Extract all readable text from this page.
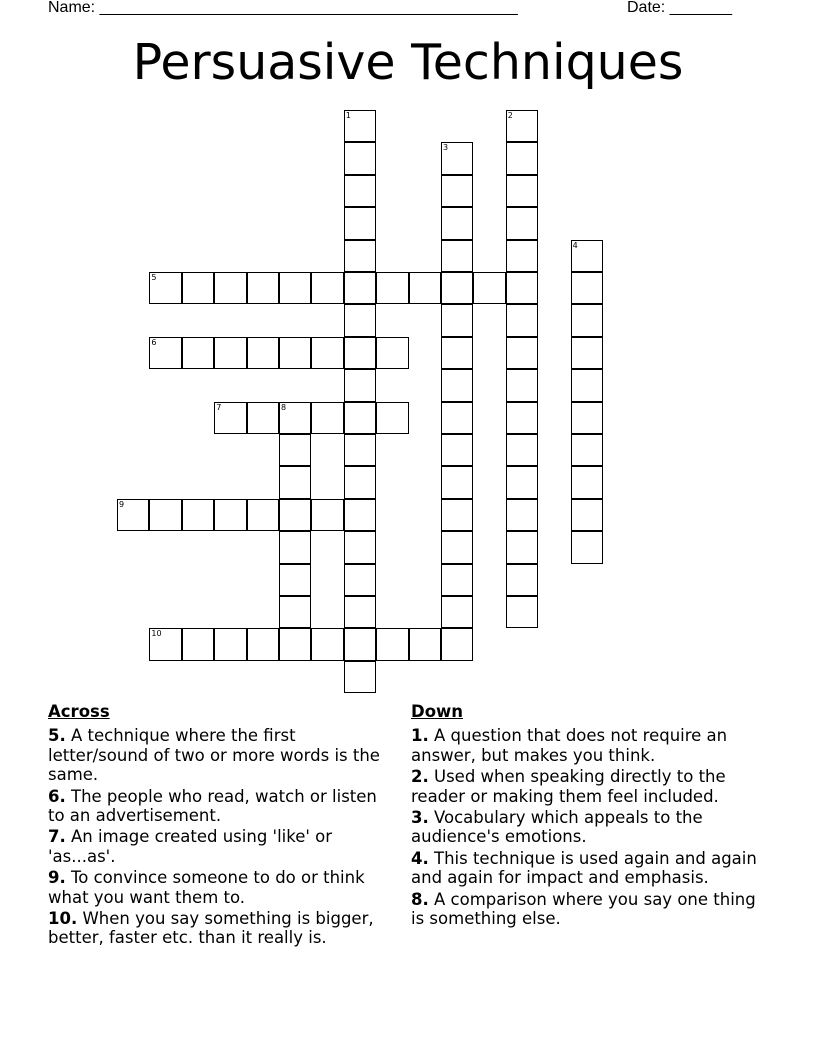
Name: _______________________________________________	Date: _______
Persuasive Techniques
5
6
7	8
9
10
1	2
3
4
Across
5. A technique where the first letter/sound of two or more words is the same.
6. The people who read, watch or listen to an advertisement.
7. An image created using 'like' or 'as...as'.
9. To convince someone to do or think what you want them to.
10. When you say something is bigger, better, faster etc. than it really is.
Down
1. A question that does not require an answer, but makes you think.
2. Used when speaking directly to the reader or making them feel included.
3. Vocabulary which appeals to the audience's emotions.
4. This technique is used again and again and again for impact and emphasis.
8. A comparison where you say one thing is something else.
